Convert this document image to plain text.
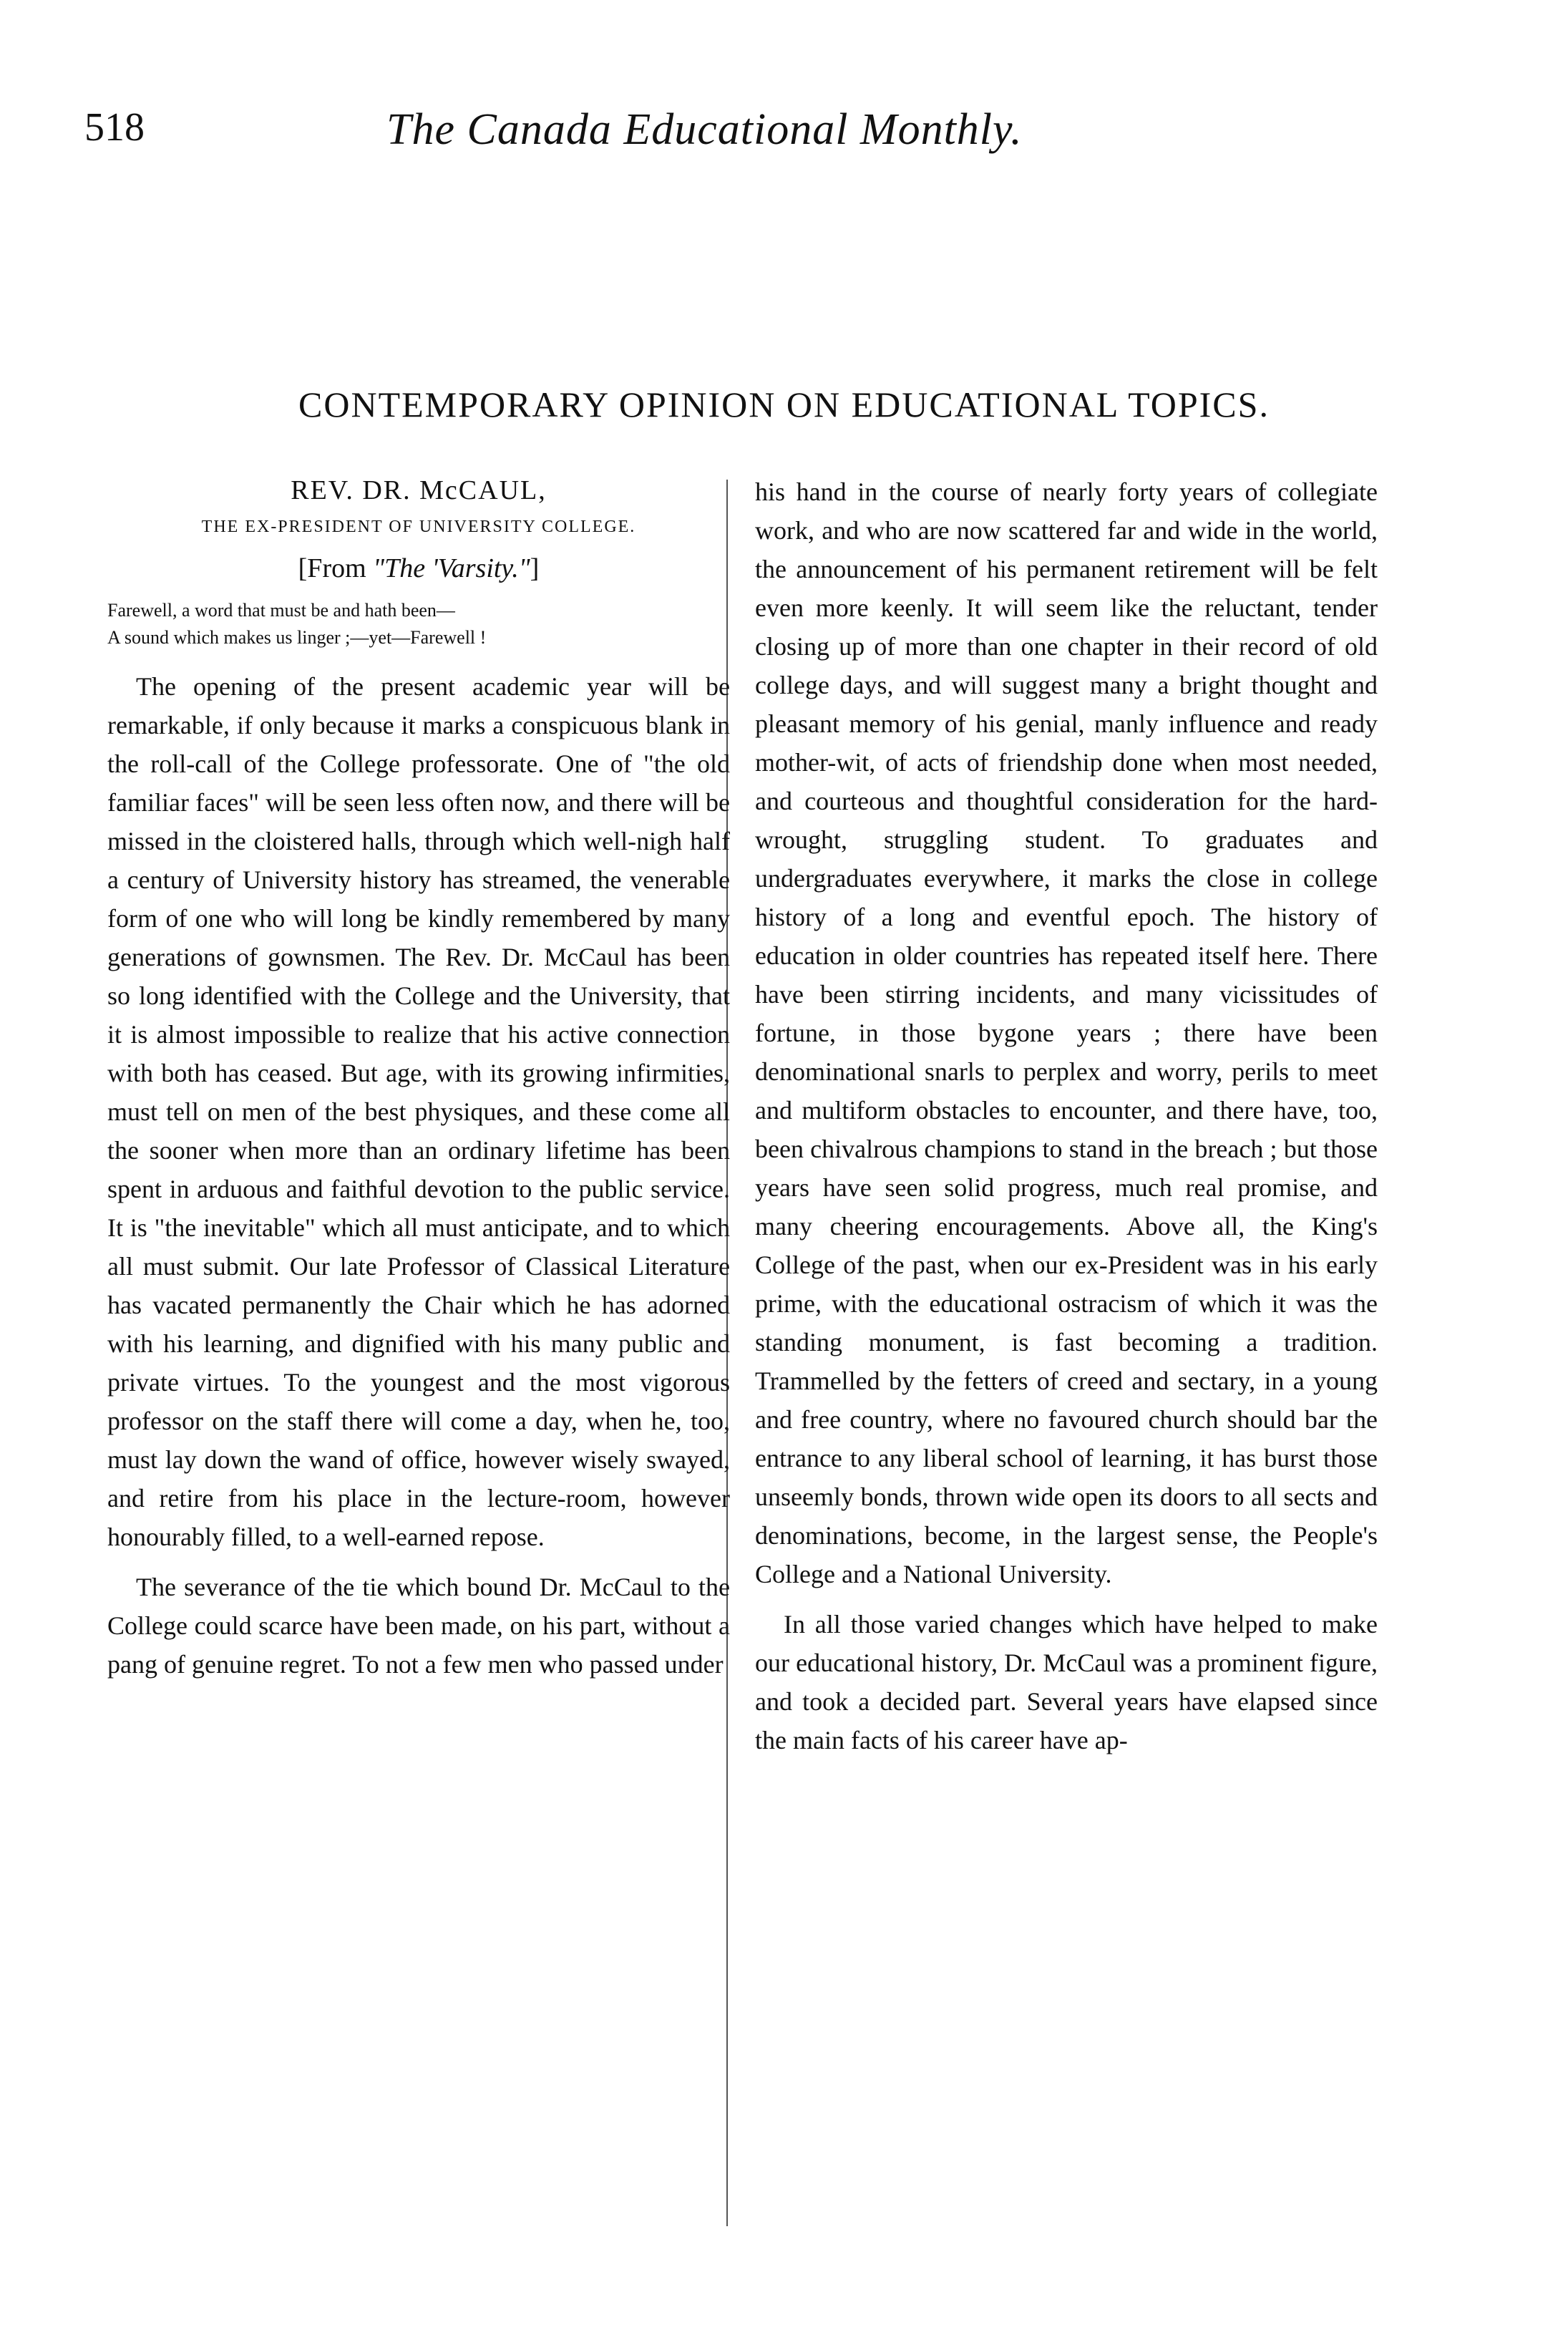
518	The Canada Educational Monthly.
CONTEMPORARY OPINION ON EDUCATIONAL TOPICS.
REV. DR. McCAUL,
THE EX-PRESIDENT OF UNIVERSITY COLLEGE.
[From "The 'Varsity."]
Farewell, a word that must be and hath been—
A sound which makes us linger ;—yet—Farewell !

The opening of the present academic year will be remarkable, if only because it marks a conspicuous blank in the roll-call of the College professorate. One of "the old familiar faces" will be seen less often now, and there will be missed in the cloistered halls, through which well-nigh half a century of University history has streamed, the venerable form of one who will long be kindly remembered by many generations of gownsmen. The Rev. Dr. McCaul has been so long identified with the College and the University, that it is almost impossible to realize that his active connection with both has ceased. But age, with its growing infirmities, must tell on men of the best physiques, and these come all the sooner when more than an ordinary lifetime has been spent in arduous and faithful devotion to the public service. It is "the inevitable" which all must anticipate, and to which all must submit. Our late Professor of Classical Literature has vacated permanently the Chair which he has adorned with his learning, and dignified with his many public and private virtues. To the youngest and the most vigorous professor on the staff there will come a day, when he, too, must lay down the wand of office, however wisely swayed, and retire from his place in the lecture-room, however honourably filled, to a well-earned repose.

The severance of the tie which bound Dr. McCaul to the College could scarce have been made, on his part, without a pang of genuine regret. To not a few men who passed under

his hand in the course of nearly forty years of collegiate work, and who are now scattered far and wide in the world, the announcement of his permanent retirement will be felt even more keenly. It will seem like the reluctant, tender closing up of more than one chapter in their record of old college days, and will suggest many a bright thought and pleasant memory of his genial, manly influence and ready mother-wit, of acts of friendship done when most needed, and courteous and thoughtful consideration for the hard-wrought, struggling student. To graduates and undergraduates everywhere, it marks the close in college history of a long and eventful epoch. The history of education in older countries has repeated itself here. There have been stirring incidents, and many vicissitudes of fortune, in those bygone years ; there have been denominational snarls to perplex and worry, perils to meet and multiform obstacles to encounter, and there have, too, been chivalrous champions to stand in the breach ; but those years have seen solid progress, much real promise, and many cheering encouragements. Above all, the King's College of the past, when our ex-President was in his early prime, with the educational ostracism of which it was the standing monument, is fast becoming a tradition. Trammelled by the fetters of creed and sectary, in a young and free country, where no favoured church should bar the entrance to any liberal school of learning, it has burst those unseemly bonds, thrown wide open its doors to all sects and denominations, become, in the largest sense, the People's College and a National University.

In all those varied changes which have helped to make our educational history, Dr. McCaul was a prominent figure, and took a decided part. Several years have elapsed since the main facts of his career have ap-
